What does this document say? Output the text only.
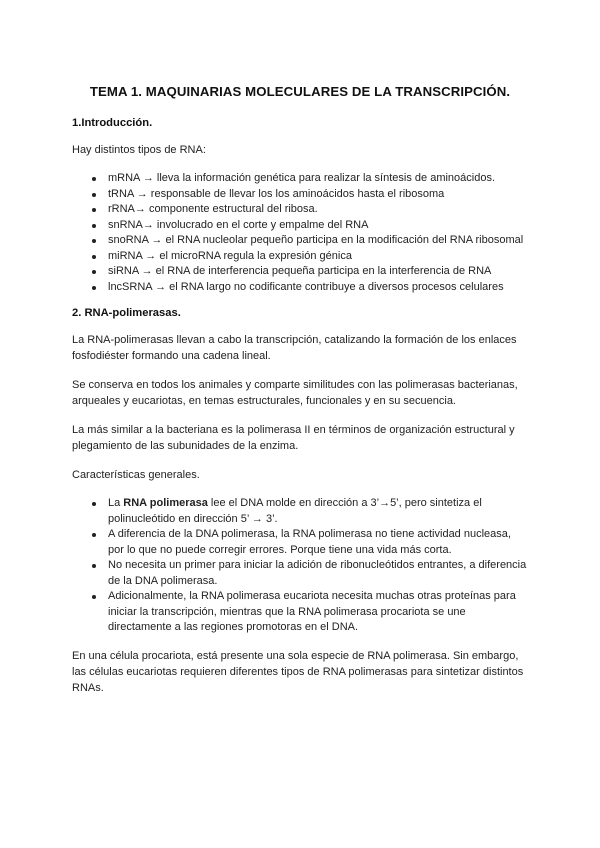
TEMA 1. MAQUINARIAS MOLECULARES DE LA TRANSCRIPCIÓN.
1.Introducción.

Hay distintos tipos de RNA:

mRNA → lleva la información genética para realizar la síntesis de aminoácidos.
tRNA → responsable de llevar los los aminoácidos hasta el ribosoma
rRNA→ componente estructural del ribosa.
snRNA→ involucrado en el corte y empalme del RNA
snoRNA → el RNA nucleolar pequeño participa en la modificación del RNA ribosomal
miRNA → el microRNA regula la expresión génica
siRNA → el RNA de interferencia pequeña participa en la interferencia de RNA
lncSRNA → el RNA largo no codificante contribuye a diversos procesos celulares
2. RNA-polimerasas.

La RNA-polimerasas llevan a cabo la transcripción, catalizando la formación de los enlaces fosfodiéster formando una cadena lineal.

Se conserva en todos los animales y comparte similitudes con las polimerasas bacterianas, arqueales y eucariotas, en temas estructurales, funcionales y en su secuencia.

La más similar a la bacteriana es la polimerasa II en términos de organización estructural y plegamiento de las subunidades de la enzima.

Características generales.

La RNA polimerasa lee el DNA molde en dirección a 3’→5’, pero sintetiza el polinucleótido en dirección 5’ → 3’.
A diferencia de la DNA polimerasa, la RNA polimerasa no tiene actividad nucleasa, por lo que no puede corregir errores. Porque tiene una vida más corta.
No necesita un primer para iniciar la adición de ribonucleótidos entrantes, a diferencia de la DNA polimerasa.
Adicionalmente, la RNA polimerasa eucariota necesita muchas otras proteínas para iniciar la transcripción, mientras que la RNA polimerasa procariota se une directamente a las regiones promotoras en el DNA.

En una célula procariota, está presente una sola especie de RNA polimerasa. Sin embargo, las células eucariotas requieren diferentes tipos de RNA polimerasas para sintetizar distintos RNAs.
